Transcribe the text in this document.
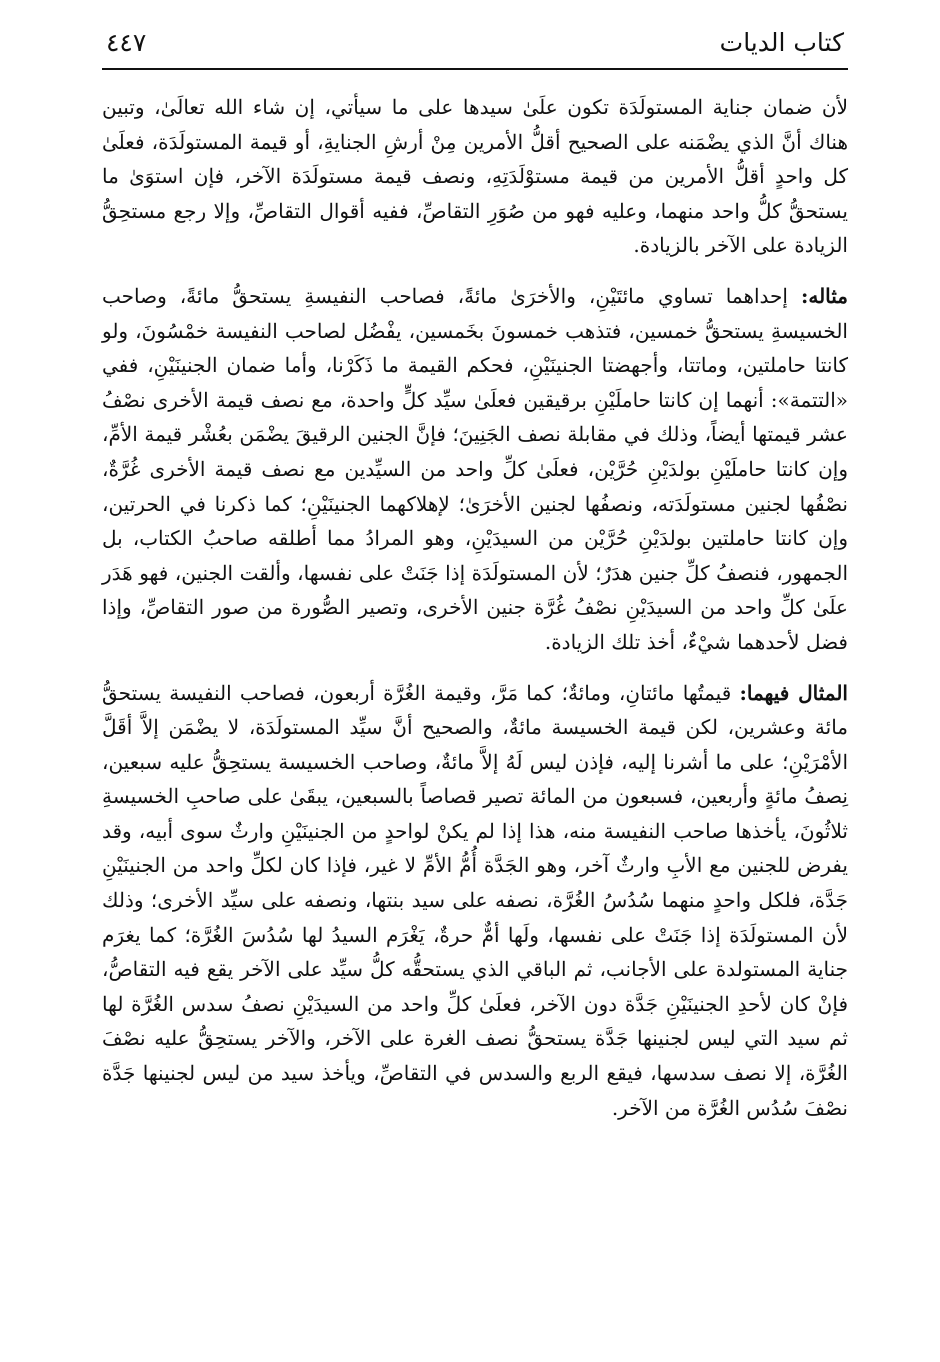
كتاب الديات
٤٤٧

لأن ضمان جناية المستولَدَة تكون علَىٰ سيدها على ما سيأتي، إن شاء الله تعالَىٰ، وتبين هناك أنَّ الذي يضْمَنه على الصحيح أقلُّ الأمرين مِنْ أرشِ الجنايةِ، أو قيمة المستولَدَة، فعلَىٰ كل واحدٍ أقلُّ الأمرين من قيمة مستوْلَدَتِهِ، ونصف قيمة مستولَدَة الآخر، فإن استوَىٰ ما يستحقُّ كلُّ واحد منهما، وعليه فهو من صُوَرِ التقاصِّ، ففيه أقوال التقاصِّ، وإلا رجع مستحِقُّ الزيادة على الآخر بالزيادة.

مثاله: إحداهما تساوي مائتَيْنِ، والأخرَىٰ مائةً، فصاحب النفيسةِ يستحقُّ مائةً، وصاحب الخسيسةِ يستحقُّ خمسين، فتذهب خمسونَ بخَمسين، يفْضُل لصاحب النفيسة خمْسُونَ، ولو كانتا حاملتين، وماتتا، وأجهضتا الجنينَيْنِ، فحكم القيمة ما ذَكَرْنا، وأما ضمان الجنينَيْنِ، ففي «التتمة»: أنهما إن كانتا حاملَيْنِ برقيقين فعلَىٰ سيِّد كلٍّ واحدة، مع نصف قيمة الأخرى نصْفُ عشر قيمتها أيضاً، وذلك في مقابلة نصف الجَنِينَ؛ فإنَّ الجنين الرقيقَ يضْمَن بعُشْر قيمة الأمِّ، وإن كانتا حاملَيْنِ بولدَيْنِ حُرَّيْن، فعلَىٰ كلِّ واحد من السيِّدين مع نصف قيمة الأخرى غُرَّةٌ، نصْفُها لجنين مستولَدَته، ونصفُها لجنين الأخرَىٰ؛ لإهلاكهما الجنينَيْنِ؛ كما ذكرنا في الحرتين، وإن كانتا حاملتين بولدَيْنِ حُرَّيْن من السيدَيْنِ، وهو المرادُ مما أطلقه صاحبُ الكتاب، بل الجمهور، فنصفُ كلِّ جنين هدَرٌ؛ لأن المستولَدَة إذا جَنَتْ على نفسها، وألقت الجنين، فهو هَدَر علَىٰ كلِّ واحد من السيدَيْنِ نصْفُ غُرَّة جنين الأخرى، وتصير الصُّورة من صور التقاصِّ، وإذا فضل لأحدهما شيْءٌ، أخذ تلك الزيادة.

المثال فيهما: قيمتُها مائتانِ، ومائةٌ؛ كما مَرَّ، وقيمة الغُرَّة أربعون، فصاحب النفيسة يستحقُّ مائة وعشرين، لكن قيمة الخسيسة مائةٌ، والصحيح أنَّ سيِّد المستولَدَة، لا يضْمَن إلاَّ أقَلَّ الأمْرَيْنِ؛ على ما أشرنا إليه، فإذن ليس لَهُ إلاَّ مائةٌ، وصاحب الخسيسة يستحِقُّ عليه سبعين، نِصفُ مائةٍ وأربعين، فسبعون من المائة تصير قصاصاً بالسبعين، يبقَىٰ على صاحبِ الخسيسةِ ثلاثُونَ، يأخذها صاحب النفيسة منه، هذا إذا لم يكنْ لواحدٍ من الجنينَيْنِ وارثٌ سوى أبيه، وقد يفرض للجنين مع الأبِ وارثٌ آخر، وهو الجَدَّة أُمُّ الأمِّ لا غير، فإذا كان لكلِّ واحد من الجنينَيْنِ جَدَّة، فلكل واحدٍ منهما سُدُسُ الغُرَّة، نصفه على سيد بنتها، ونصفه على سيِّد الأخرى؛ وذلك لأن المستولَدَة إذا جَنَتْ على نفسها، ولَها أمٌّ حرةٌ، يَغْرَم السيدُ لها سُدُسَ الغُرَّة؛ كما يغرَم جناية المستولدة على الأجانب، ثم الباقي الذي يستحقُّه كلُّ سيِّد على الآخر يقع فيه التقاصُّ، فإنْ كان لأحدِ الجنينَيْنِ جَدَّة دون الآخر، فعلَىٰ كلِّ واحد من السيدَيْنِ نصفُ سدس الغُرَّة لها ثم سيد التي ليس لجنينها جَدَّة يستحقُّ نصف الغرة على الآخر، والآخر يستحِقُّ عليه نصْفَ الغُرَّة، إلا نصف سدسها، فيقع الربع والسدس في التقاصِّ، ويأخذ سيد من ليس لجنينها جَدَّة نصْفَ سُدُس الغُرَّة من الآخر.
